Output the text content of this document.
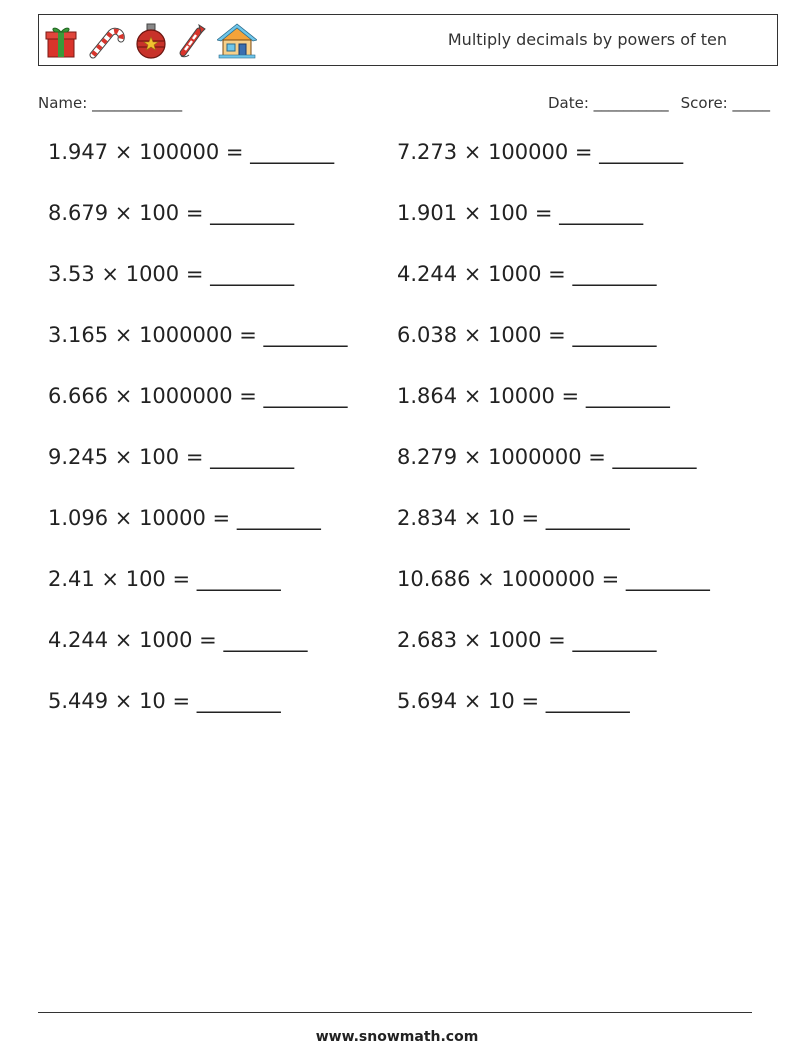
Multiply decimals by powers of ten
Name: ____________	Date: __________ Score: _____
1.947 × 100000 = ________	7.273 × 100000 = ________
8.679 × 100 = ________	1.901 × 100 = ________
3.53 × 1000 = ________	4.244 × 1000 = ________
3.165 × 1000000 = ________ 6.038 × 1000 = ________
6.666 × 1000000 = ________ 1.864 × 10000 = ________
9.245 × 100 = ________	8.279 × 1000000 = ________
1.096 × 10000 = ________	2.834 × 10 = ________
2.41 × 100 = ________	10.686 × 1000000 = ________
4.244 × 1000 = ________	2.683 × 1000 = ________
5.449 × 10 = ________	5.694 × 10 = ________
www.snowmath.com
